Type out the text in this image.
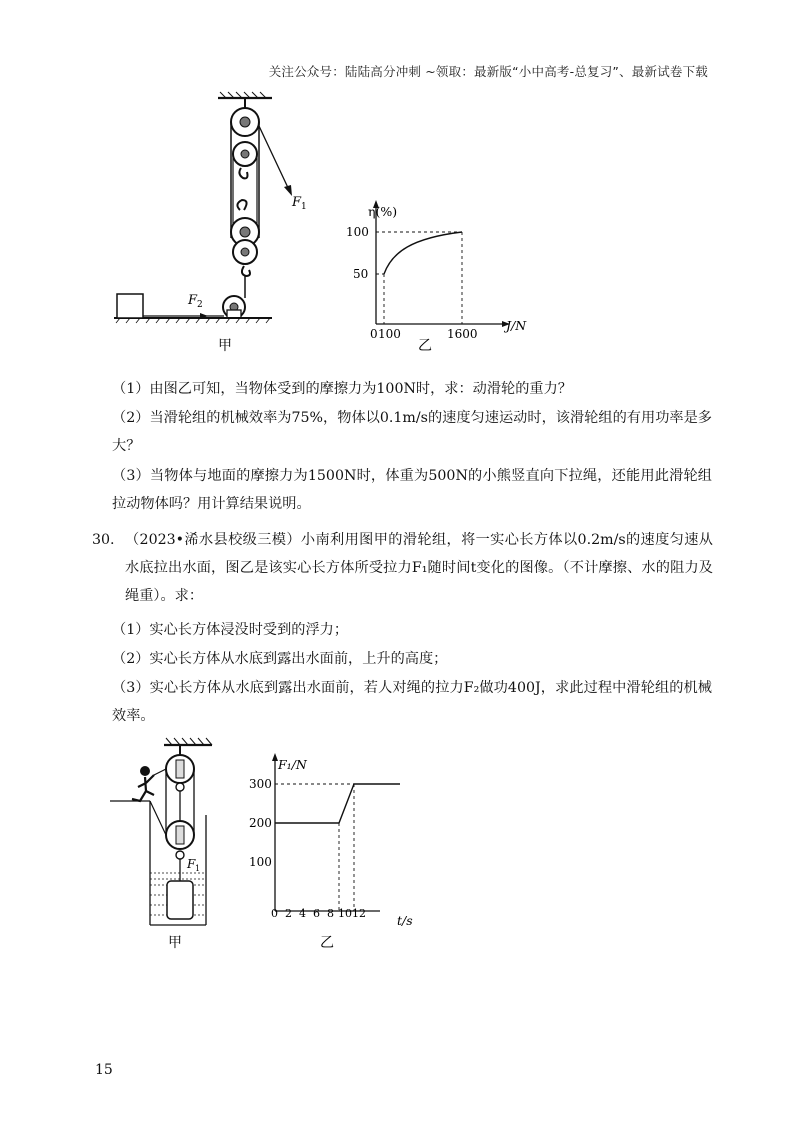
关注公众号：陆陆高分冲刺 ~领取：最新版“小中高考-总复习”、最新试卷下载
F 1
F 2
甲
η(%)
J/N
100
50
0 100	1600
乙
（1）由图乙可知，当物体受到的摩擦力为100N时，求：动滑轮的重力？
（2）当滑轮组的机械效率为75%，物体以0.1m/s的速度匀速运动时，该滑轮组的有用功率是多大？
（3）当物体与地面的摩擦力为1500N时，体重为500N的小熊竖直向下拉绳，还能用此滑轮组拉动物体吗？用计算结果说明。
30. （2023•浠水县校级三模）小南利用图甲的滑轮组，将一实心长方体以0.2m/s的速度匀速从水底拉出水面，图乙是该实心长方体所受拉力F₁随时间t变化的图像。（不计摩擦、水的阻力及绳重）。求：
（1）实心长方体浸没时受到的浮力；
（2）实心长方体从水底到露出水面前，上升的高度；
（3）实心长方体从水底到露出水面前，若人对绳的拉力F₂做功400J，求此过程中滑轮组的机械效率。
F 1
甲
F₁/N
t/s
300
200
100
0 2 4 6 8 10 12
乙
15
